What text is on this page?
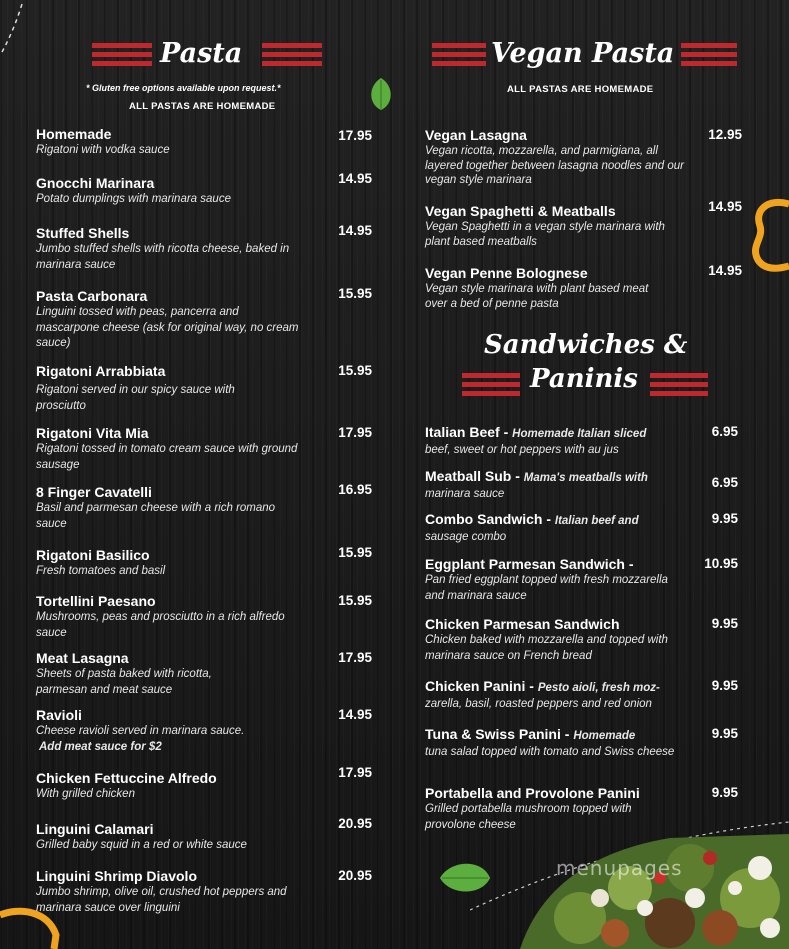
menupages
Pasta
* Gluten free options available upon request.*
ALL PASTAS ARE HOMEMADE
Homemade
Rigatoni with vodka sauce
17.95
Gnocchi Marinara
Potato dumplings with marinara sauce
14.95
Stuffed Shells
Jumbo stuffed shells with ricotta cheese, baked in marinara sauce
14.95
Pasta Carbonara
Linguini tossed with peas, pancerra and mascarpone cheese (ask for original way, no cream sauce)
15.95
Rigatoni Arrabbiata
Rigatoni served in our spicy sauce with prosciutto
15.95
Rigatoni Vita Mia
Rigatoni tossed in tomato cream sauce with ground sausage
17.95
8 Finger Cavatelli
Basil and parmesan cheese with a rich romano sauce
16.95
Rigatoni Basilico
Fresh tomatoes and basil
15.95
Tortellini Paesano
Mushrooms, peas and prosciutto in a rich alfredo sauce
15.95
Meat Lasagna
Sheets of pasta baked with ricotta, parmesan and meat sauce
17.95
Ravioli
Cheese ravioli served in marinara sauce.
Add meat sauce for $2
14.95
Chicken Fettuccine Alfredo
With grilled chicken
17.95
Linguini Calamari
Grilled baby squid in a red or white sauce
20.95
Linguini Shrimp Diavolo
Jumbo shrimp, olive oil, crushed hot peppers and marinara sauce over linguini
20.95
Vegan Pasta
ALL PASTAS ARE HOMEMADE
Vegan Lasagna
Vegan ricotta, mozzarella, and parmigiana, all layered together between lasagna noodles and our vegan style marinara
12.95
Vegan Spaghetti & Meatballs
Vegan Spaghetti in a vegan style marinara with plant based meatballs
14.95
Vegan Penne Bolognese
Vegan style marinara with plant based meat over a bed of penne pasta
14.95
Sandwiches &
Paninis
Italian Beef - Homemade Italian sliced
beef, sweet or hot peppers with au jus
6.95
Meatball Sub - Mama's meatballs with
marinara sauce
6.95
Combo Sandwich - Italian beef and
sausage combo
9.95
Eggplant Parmesan Sandwich -
Pan fried eggplant topped with fresh mozzarella and marinara sauce
10.95
Chicken Parmesan Sandwich
Chicken baked with mozzarella and topped with marinara sauce on French bread
9.95
Chicken Panini - Pesto aioli, fresh moz-
zarella, basil, roasted peppers and red onion
9.95
Tuna & Swiss Panini - Homemade
tuna salad topped with tomato and Swiss cheese
9.95
Portabella and Provolone Panini
Grilled portabella mushroom topped with provolone cheese
9.95
